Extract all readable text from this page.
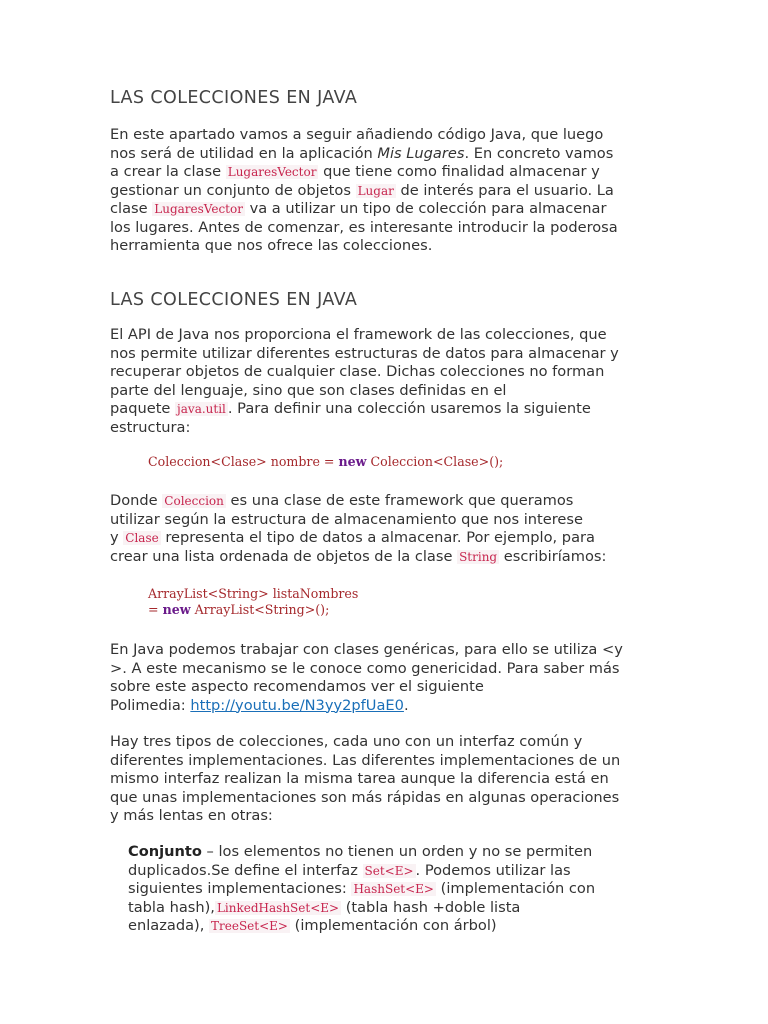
LAS COLECCIONES EN JAVA
En este apartado vamos a seguir añadiendo código Java, que luego
nos será de utilidad en la aplicación Mis Lugares. En concreto vamos
a crear la clase LugaresVector que tiene como finalidad almacenar y
gestionar un conjunto de objetos Lugar de interés para el usuario. La
clase LugaresVector va a utilizar un tipo de colección para almacenar
los lugares. Antes de comenzar, es interesante introducir la poderosa
herramienta que nos ofrece las colecciones.
LAS COLECCIONES EN JAVA
El API de Java nos proporciona el framework de las colecciones, que
nos permite utilizar diferentes estructuras de datos para almacenar y
recuperar objetos de cualquier clase. Dichas colecciones no forman
parte del lenguaje, sino que son clases definidas en el
paquete java.util . Para definir una colección usaremos la siguiente
estructura:
Coleccion<Clase> nombre = new Coleccion<Clase>();
Donde Coleccion es una clase de este framework que queramos
utilizar según la estructura de almacenamiento que nos interese
y Clase representa el tipo de datos a almacenar. Por ejemplo, para
crear una lista ordenada de objetos de la clase String escribiríamos:
ArrayList<String> listaNombres
= new ArrayList<String>();
En Java podemos trabajar con clases genéricas, para ello se utiliza <y
>. A este mecanismo se le conoce como genericidad. Para saber más
sobre este aspecto recomendamos ver el siguiente
Polimedia: http://youtu.be/N3yy2pfUaE0.
Hay tres tipos de colecciones, cada uno con un interfaz común y
diferentes implementaciones. Las diferentes implementaciones de un
mismo interfaz realizan la misma tarea aunque la diferencia está en
que unas implementaciones son más rápidas en algunas operaciones
y más lentas en otras:
Conjunto – los elementos no tienen un orden y no se permiten
duplicados.Se define el interfaz Set<E> . Podemos utilizar las
siguientes implementaciones: HashSet<E> (implementación con
tabla hash), LinkedHashSet<E> (tabla hash +doble lista
enlazada), TreeSet<E> (implementación con árbol)
